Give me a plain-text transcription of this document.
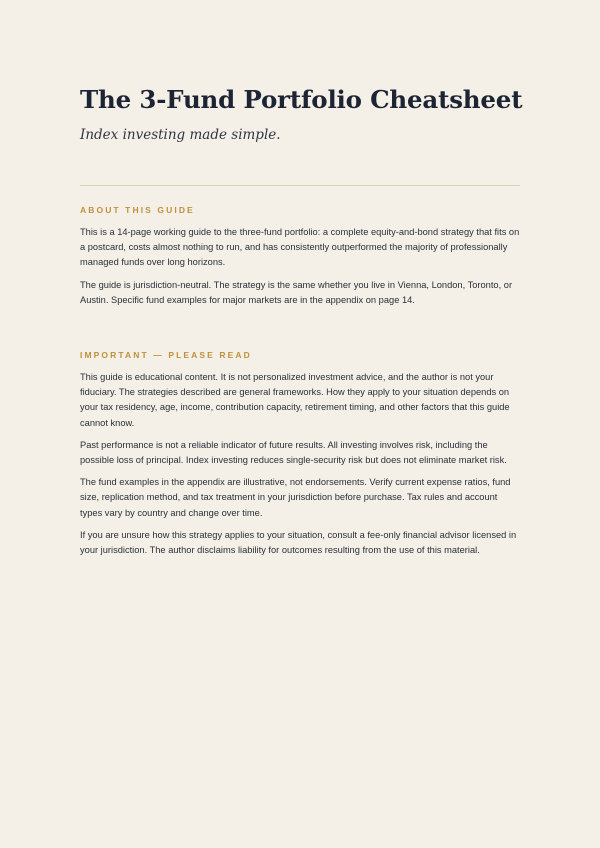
The 3-Fund Portfolio Cheatsheet

Index investing made simple.

ABOUT THIS GUIDE

This is a 14-page working guide to the three-fund portfolio: a complete equity-and-bond strategy that fits on a postcard, costs almost nothing to run, and has consistently outperformed the majority of professionally managed funds over long horizons.

The guide is jurisdiction-neutral. The strategy is the same whether you live in Vienna, London, Toronto, or Austin. Specific fund examples for major markets are in the appendix on page 14.

IMPORTANT — PLEASE READ

This guide is educational content. It is not personalized investment advice, and the author is not your fiduciary. The strategies described are general frameworks. How they apply to your situation depends on your tax residency, age, income, contribution capacity, retirement timing, and other factors that this guide cannot know.

Past performance is not a reliable indicator of future results. All investing involves risk, including the possible loss of principal. Index investing reduces single-security risk but does not eliminate market risk.

The fund examples in the appendix are illustrative, not endorsements. Verify current expense ratios, fund size, replication method, and tax treatment in your jurisdiction before purchase. Tax rules and account types vary by country and change over time.

If you are unsure how this strategy applies to your situation, consult a fee-only financial advisor licensed in your jurisdiction. The author disclaims liability for outcomes resulting from the use of this material.
